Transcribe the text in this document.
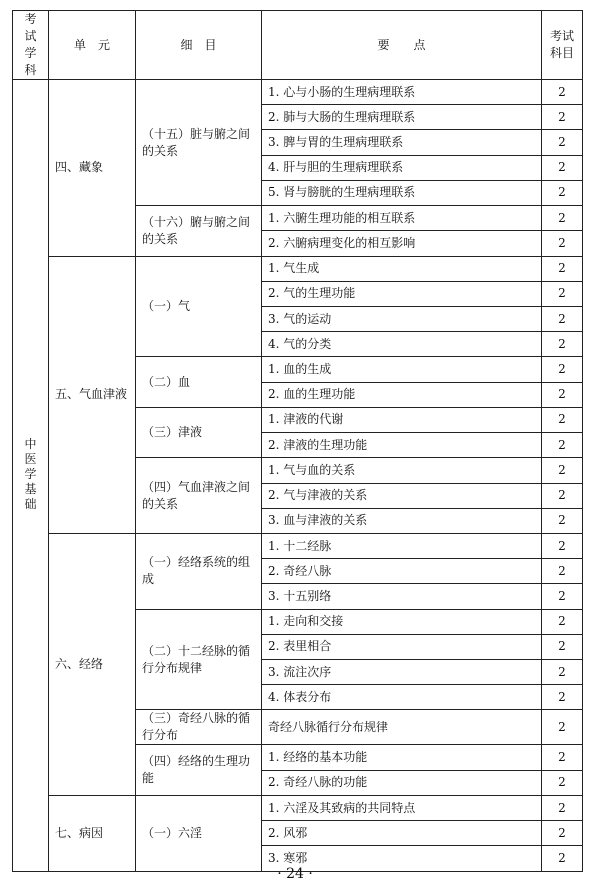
考试学科	单　元	细　目	要　　点	考试科目
中医学基础	四、藏象	（十五）脏与腑之间的关系	1. 心与小肠的生理病理联系	2
			2. 肺与大肠的生理病理联系	2
			3. 脾与胃的生理病理联系	2
			4. 肝与胆的生理病理联系	2
			5. 肾与膀胱的生理病理联系	2
		（十六）腑与腑之间的关系	1. 六腑生理功能的相互联系	2
			2. 六腑病理变化的相互影响	2
	五、气血津液	（一）气	1. 气生成	2
			2. 气的生理功能	2
			3. 气的运动	2
			4. 气的分类	2
		（二）血	1. 血的生成	2
			2. 血的生理功能	2
		（三）津液	1. 津液的代谢	2
			2. 津液的生理功能	2
		（四）气血津液之间的关系	1. 气与血的关系	2
			2. 气与津液的关系	2
			3. 血与津液的关系	2
	六、经络	（一）经络系统的组成	1. 十二经脉	2
			2. 奇经八脉	2
			3. 十五别络	2
		（二）十二经脉的循行分布规律	1. 走向和交接	2
			2. 表里相合	2
			3. 流注次序	2
			4. 体表分布	2
		（三）奇经八脉的循行分布	奇经八脉循行分布规律	2
		（四）经络的生理功能	1. 经络的基本功能	2
			2. 奇经八脉的功能	2
	七、病因	（一）六淫	1. 六淫及其致病的共同特点	2
			2. 风邪	2
			3. 寒邪	2
· 24 ·
